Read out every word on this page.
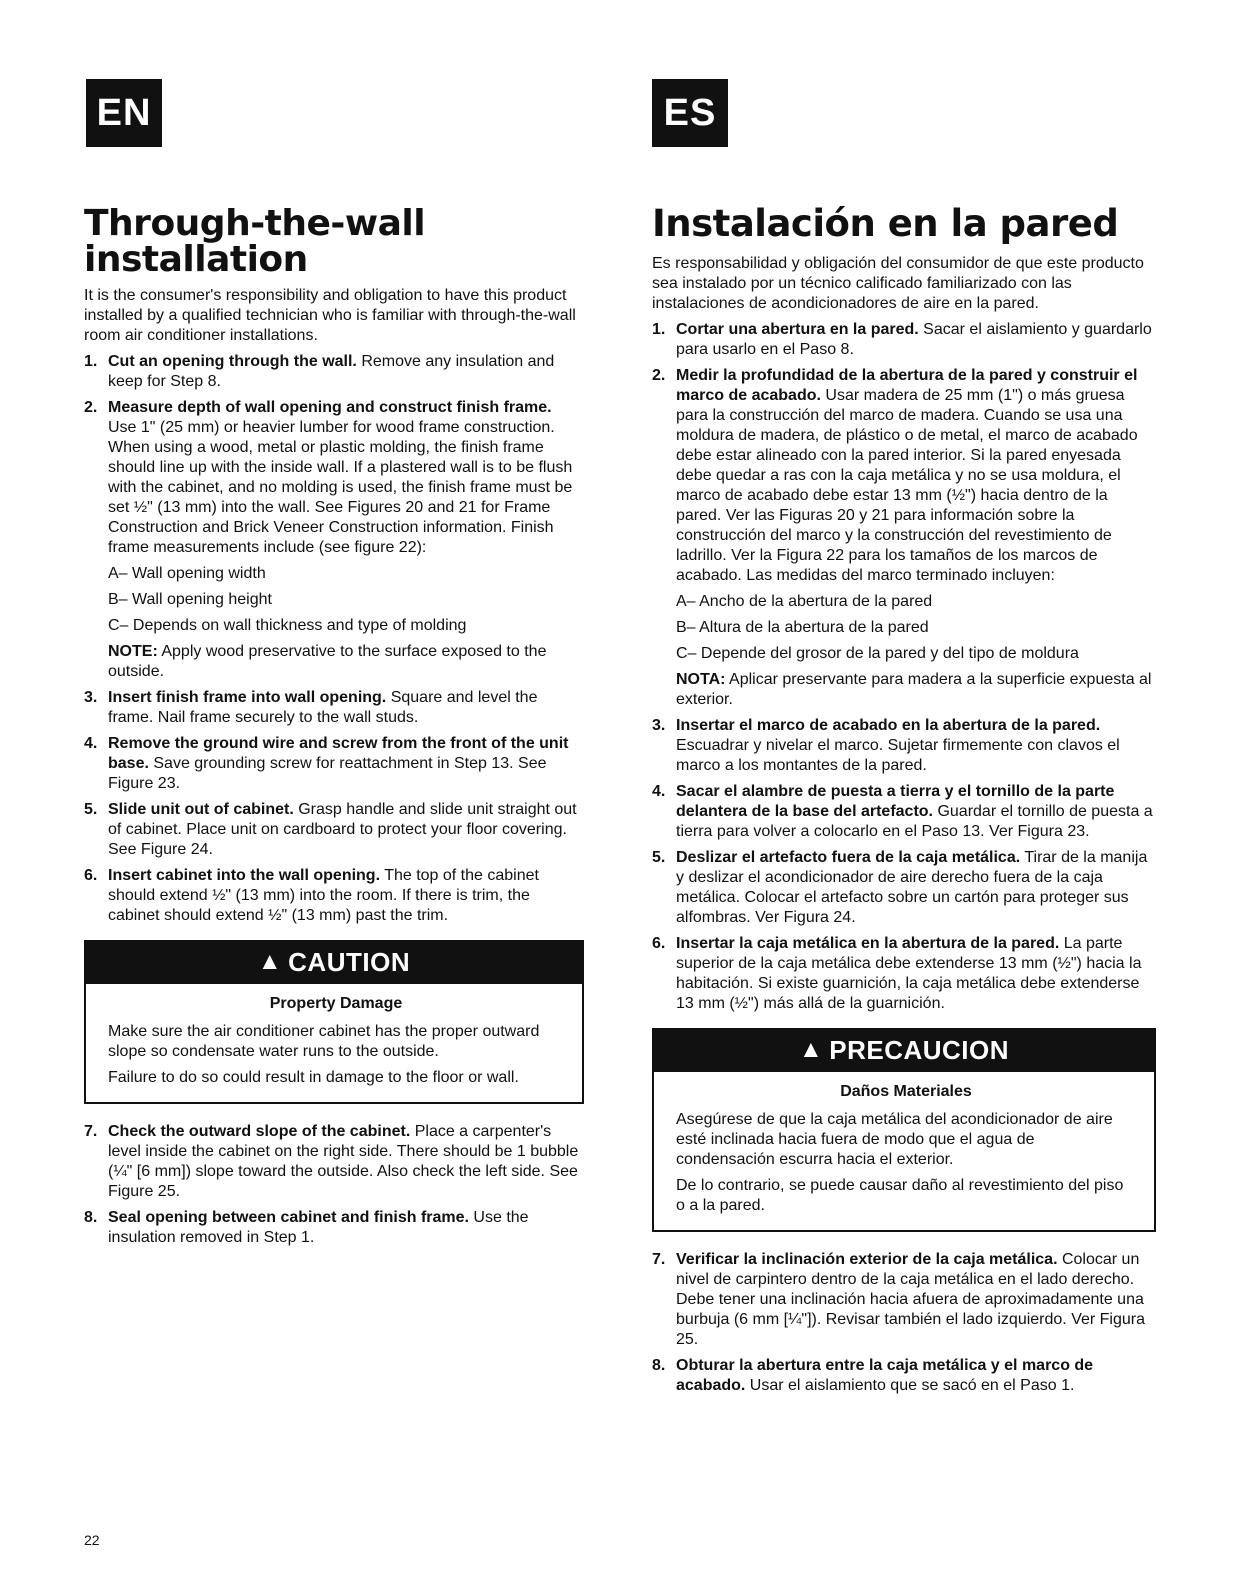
EN	ES
Through-the-wall installation

It is the consumer's responsibility and obligation to have this product installed by a qualified technician who is familiar with through-the-wall room air conditioner installations.

1. Cut an opening through the wall. Remove any insulation and keep for Step 8.
2. Measure depth of wall opening and construct finish frame. Use 1" (25 mm) or heavier lumber for wood frame construction. When using a wood, metal or plastic molding, the finish frame should line up with the inside wall. If a plastered wall is to be flush with the cabinet, and no molding is used, the finish frame must be set ½" (13 mm) into the wall. See Figures 20 and 21 for Frame Construction and Brick Veneer Construction information. Finish frame measurements include (see figure 22):
A– Wall opening width
B– Wall opening height
C– Depends on wall thickness and type of molding
NOTE: Apply wood preservative to the surface exposed to the outside.
3. Insert finish frame into wall opening. Square and level the frame. Nail frame securely to the wall studs.
4. Remove the ground wire and screw from the front of the unit base. Save grounding screw for reattachment in Step 13. See Figure 23.
5. Slide unit out of cabinet. Grasp handle and slide unit straight out of cabinet. Place unit on cardboard to protect your floor covering. See Figure 24.
6. Insert cabinet into the wall opening. The top of the cabinet should extend ½" (13 mm) into the room. If there is trim, the cabinet should extend ½" (13 mm) past the trim.
▲ CAUTION
Property Damage

Make sure the air conditioner cabinet has the proper outward slope so condensate water runs to the outside.

Failure to do so could result in damage to the floor or wall.

7. Check the outward slope of the cabinet. Place a carpenter's level inside the cabinet on the right side. There should be 1 bubble (¼" [6 mm]) slope toward the outside. Also check the left side. See Figure 25.
8. Seal opening between cabinet and finish frame. Use the insulation removed in Step 1.
Instalación en la pared

Es responsabilidad y obligación del consumidor de que este producto sea instalado por un técnico calificado familiarizado con las instalaciones de acondicionadores de aire en la pared.

1. Cortar una abertura en la pared. Sacar el aislamiento y guardarlo para usarlo en el Paso 8.
2. Medir la profundidad de la abertura de la pared y construir el marco de acabado. Usar madera de 25 mm (1") o más gruesa para la construcción del marco de madera. Cuando se usa una moldura de madera, de plástico o de metal, el marco de acabado debe estar alineado con la pared interior. Si la pared enyesada debe quedar a ras con la caja metálica y no se usa moldura, el marco de acabado debe estar 13 mm (½") hacia dentro de la pared. Ver las Figuras 20 y 21 para información sobre la construcción del marco y la construcción del revestimiento de ladrillo. Ver la Figura 22 para los tamaños de los marcos de acabado. Las medidas del marco terminado incluyen:
A– Ancho de la abertura de la pared
B– Altura de la abertura de la pared
C– Depende del grosor de la pared y del tipo de moldura
NOTA: Aplicar preservante para madera a la superficie expuesta al exterior.
3. Insertar el marco de acabado en la abertura de la pared. Escuadrar y nivelar el marco. Sujetar firmemente con clavos el marco a los montantes de la pared.
4. Sacar el alambre de puesta a tierra y el tornillo de la parte delantera de la base del artefacto. Guardar el tornillo de puesta a tierra para volver a colocarlo en el Paso 13. Ver Figura 23.
5. Deslizar el artefacto fuera de la caja metálica. Tirar de la manija y deslizar el acondicionador de aire derecho fuera de la caja metálica. Colocar el artefacto sobre un cartón para proteger sus alfombras. Ver Figura 24.
6. Insertar la caja metálica en la abertura de la pared. La parte superior de la caja metálica debe extenderse 13 mm (½") hacia la habitación. Si existe guarnición, la caja metálica debe extenderse 13 mm (½") más allá de la guarnición.
▲ PRECAUCION
Daños Materiales

Asegúrese de que la caja metálica del acondicionador de aire esté inclinada hacia fuera de modo que el agua de condensación escurra hacia el exterior.

De lo contrario, se puede causar daño al revestimiento del piso o a la pared.

7. Verificar la inclinación exterior de la caja metálica. Colocar un nivel de carpintero dentro de la caja metálica en el lado derecho. Debe tener una inclinación hacia afuera de aproximadamente una burbuja (6 mm [¼"]). Revisar también el lado izquierdo. Ver Figura 25.
8. Obturar la abertura entre la caja metálica y el marco de acabado. Usar el aislamiento que se sacó en el Paso 1.
22
